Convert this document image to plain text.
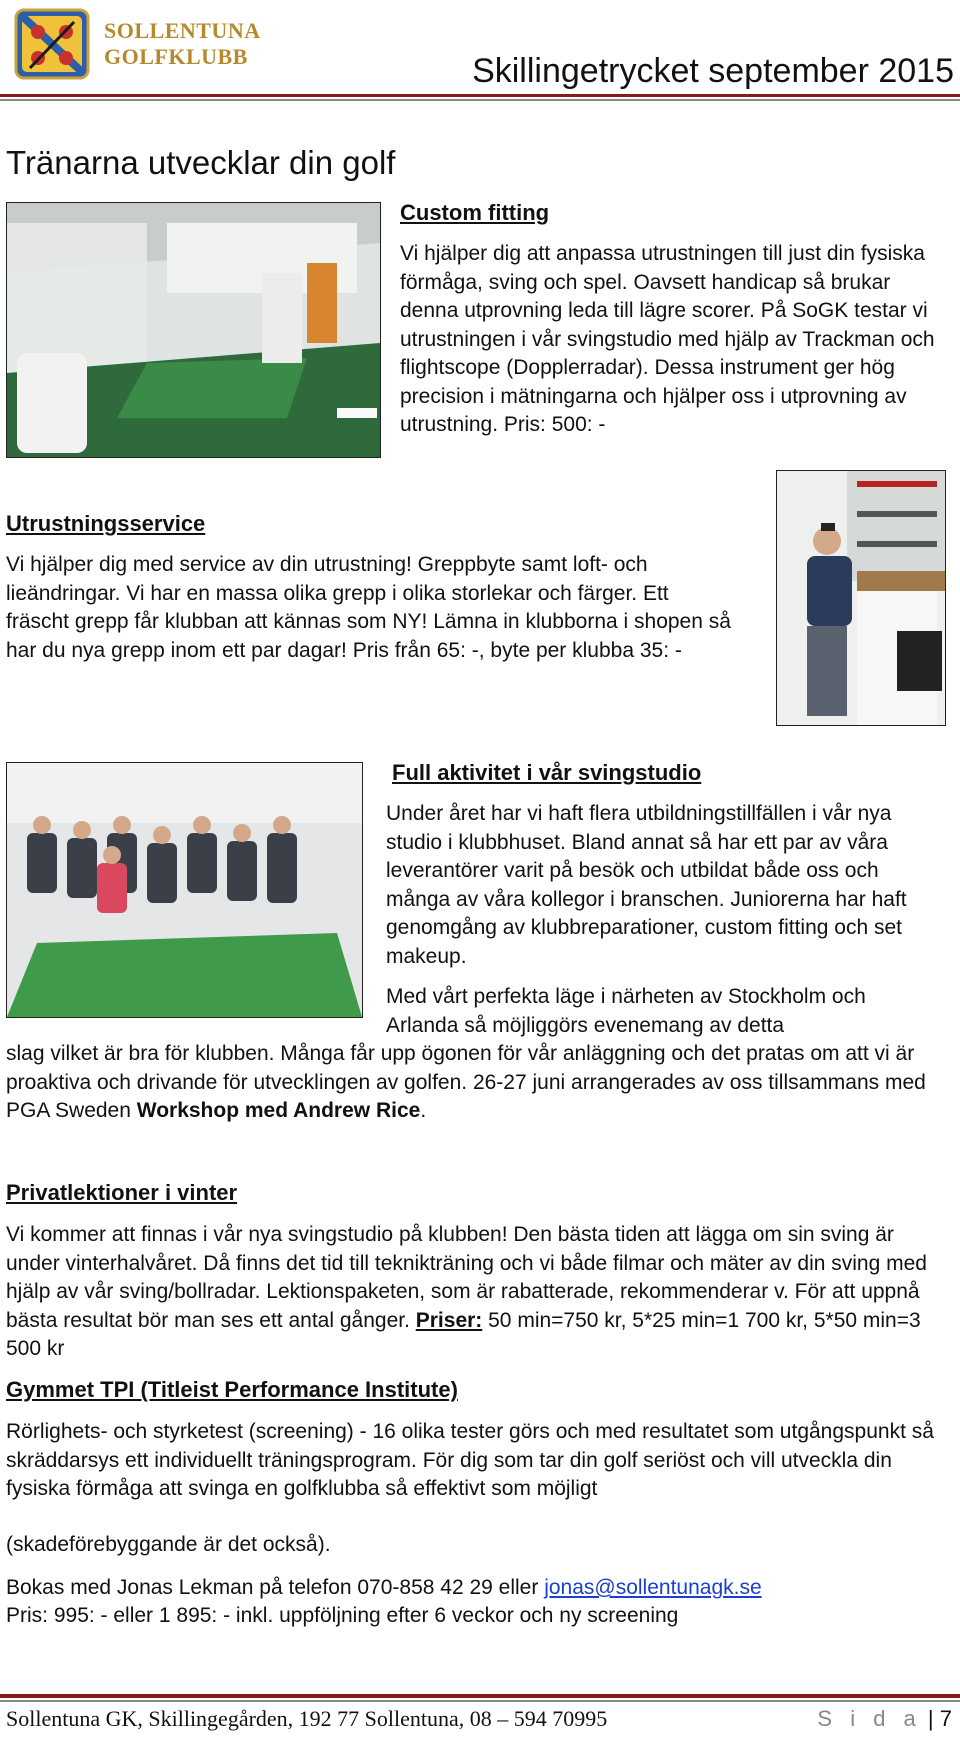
SOLLENTUNA
GOLFKLUBB	Skillingetrycket september 2015
Tränarna utvecklar din golf
Custom fitting
Vi hjälper dig att anpassa utrustningen till just din fysiska förmåga, sving och spel. Oavsett handicap så brukar denna utprovning leda till lägre scorer. På SoGK testar vi utrustningen i vår svingstudio med hjälp av Trackman och flightscope (Dopplerradar). Dessa instrument ger hög precision i mätningarna och hjälper oss i utprovning av utrustning. Pris: 500: -
Utrustningsservice
Vi hjälper dig med service av din utrustning! Greppbyte samt loft- och lieändringar. Vi har en massa olika grepp i olika storlekar och färger. Ett fräscht grepp får klubban att kännas som NY! Lämna in klubborna i shopen så har du nya grepp inom ett par dagar! Pris från 65: -, byte per klubba 35: -
Full aktivitet i vår svingstudio
Under året har vi haft flera utbildningstillfällen i vår nya studio i klubbhuset. Bland annat så har ett par av våra leverantörer varit på besök och utbildat både oss och många av våra kollegor i branschen. Juniorerna har haft genomgång av klubbreparationer, custom fitting och set makeup.
Med vårt perfekta läge i närheten av Stockholm och Arlanda så möjliggörs evenemang av detta
slag vilket är bra för klubben. Många får upp ögonen för vår anläggning och det pratas om att vi är proaktiva och drivande för utvecklingen av golfen. 26-27 juni arrangerades av oss tillsammans med PGA Sweden Workshop med Andrew Rice.
Privatlektioner i vinter
Vi kommer att finnas i vår nya svingstudio på klubben! Den bästa tiden att lägga om sin sving är under vinterhalvåret. Då finns det tid till teknikträning och vi både filmar och mäter av din sving med hjälp av vår sving/bollradar. Lektionspaketen, som är rabatterade, rekommenderar v. För att uppnå bästa resultat bör man ses ett antal gånger. Priser: 50 min=750 kr, 5*25 min=1 700 kr, 5*50 min=3 500 kr
Gymmet TPI (Titleist Performance Institute)
Rörlighets- och styrketest (screening) - 16 olika tester görs och med resultatet som utgångspunkt så skräddarsys ett individuellt träningsprogram. För dig som tar din golf seriöst och vill utveckla din fysiska förmåga att svinga en golfklubba så effektivt som möjligt
(skadeförebyggande är det också).
Bokas med Jonas Lekman på telefon 070-858 42 29 eller jonas@sollentunagk.se
Pris: 995: - eller 1 895: - inkl. uppföljning efter 6 veckor och ny screening
Sollentuna GK, Skillingegården, 192 77 Sollentuna, 08 – 594 70995	S i d a | 7
